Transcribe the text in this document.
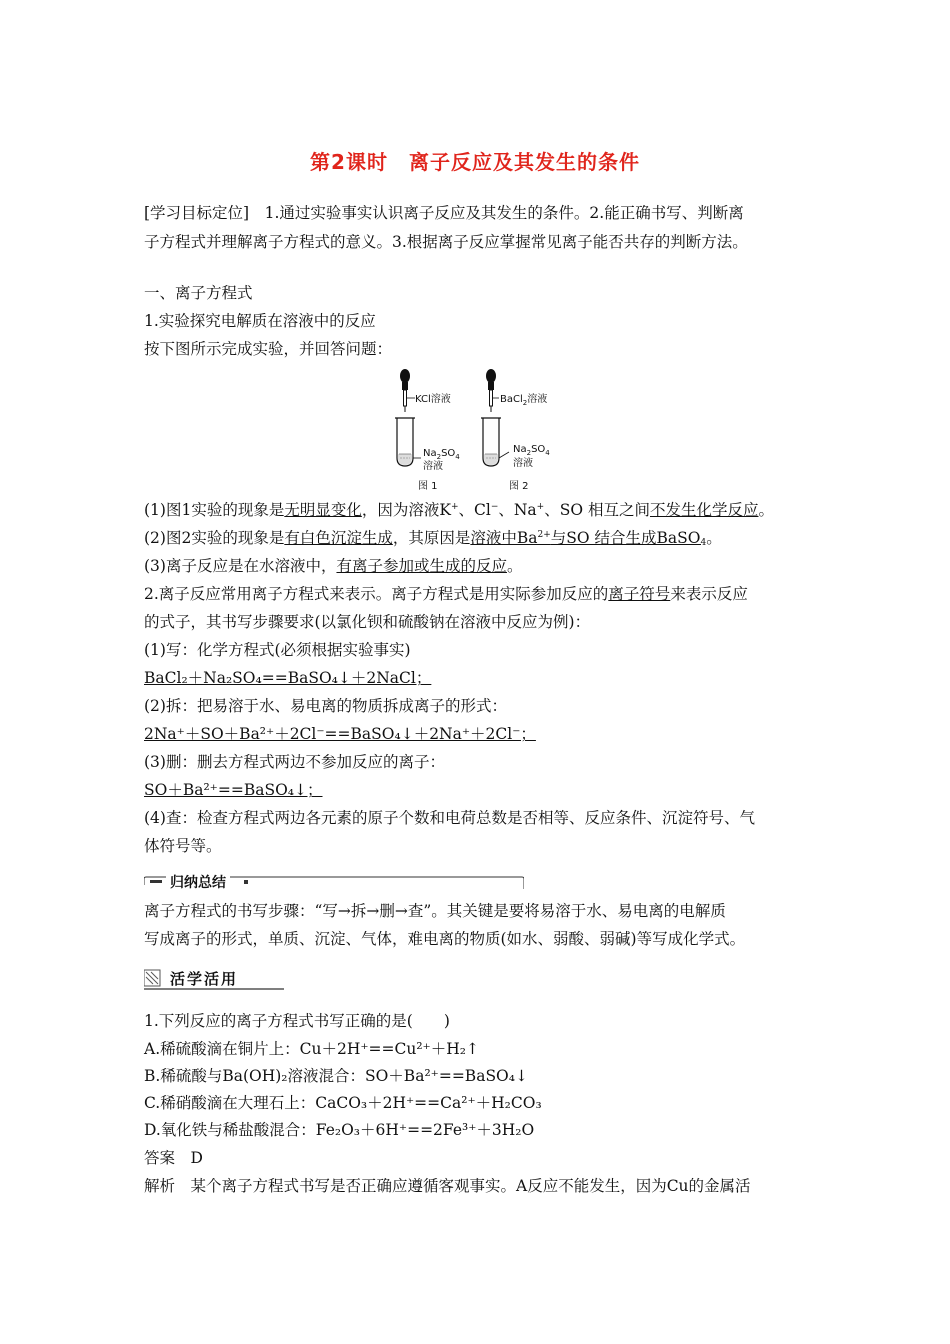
第2课时　离子反应及其发生的条件
[学习目标定位]　1.通过实验事实认识离子反应及其发生的条件。2.能正确书写、判断离
子方程式并理解离子方程式的意义。3.根据离子反应掌握常见离子能否共存的判断方法。
一、离子方程式
1.实验探究电解质在溶液中的反应
按下图所示完成实验，并回答问题：
KCl溶液
$Na_2SO_4$
溶液
图 1
BaCl$_2$溶液
$Na_2SO_4$
溶液
图 2
(1)图1实验的现象是无明显变化，因为溶液K+、Cl−、Na+、SO 相互之间不发生化学反应。
(2)图2实验的现象是有白色沉淀生成，其原因是溶液中$Ba^{2+}$与SO 结合生成BaSO$_4$。
(3)离子反应是在水溶液中，有离子参加或生成的反应。
2.离子反应常用离子方程式来表示。离子方程式是用实际参加反应的离子符号来表示反应
的式子，其书写步骤要求(以氯化钡和硫酸钠在溶液中反应为例)：
(1)写：化学方程式(必须根据实验事实)
BaCl₂＋Na₂SO₄==BaSO₄↓＋2NaCl；
(2)拆：把易溶于水、易电离的物质拆成离子的形式：
2Na⁺＋SO＋Ba²⁺＋2Cl⁻==BaSO₄↓＋2Na⁺＋2Cl⁻；
(3)删：删去方程式两边不参加反应的离子：
SO＋Ba²⁺==BaSO₄↓；
(4)查：检查方程式两边各元素的原子个数和电荷总数是否相等、反应条件、沉淀符号、气
体符号等。
归纳总结
离子方程式的书写步骤：“写→拆→删→查”。其关键是要将易溶于水、易电离的电解质
写成离子的形式，单质、沉淀、气体，难电离的物质(如水、弱酸、弱碱)等写成化学式。
活学活用
1.下列反应的离子方程式书写正确的是(　　)
A.稀硫酸滴在铜片上：Cu＋2H⁺==Cu²⁺＋H₂↑
B.稀硫酸与Ba(OH)₂溶液混合：SO＋Ba²⁺==BaSO₄↓
C.稀硝酸滴在大理石上：CaCO₃＋2H⁺==Ca²⁺＋H₂CO₃
D.氧化铁与稀盐酸混合：Fe₂O₃＋6H⁺==2Fe³⁺＋3H₂O
答案　D
解析　某个离子方程式书写是否正确应遵循客观事实。A反应不能发生，因为Cu的金属活
